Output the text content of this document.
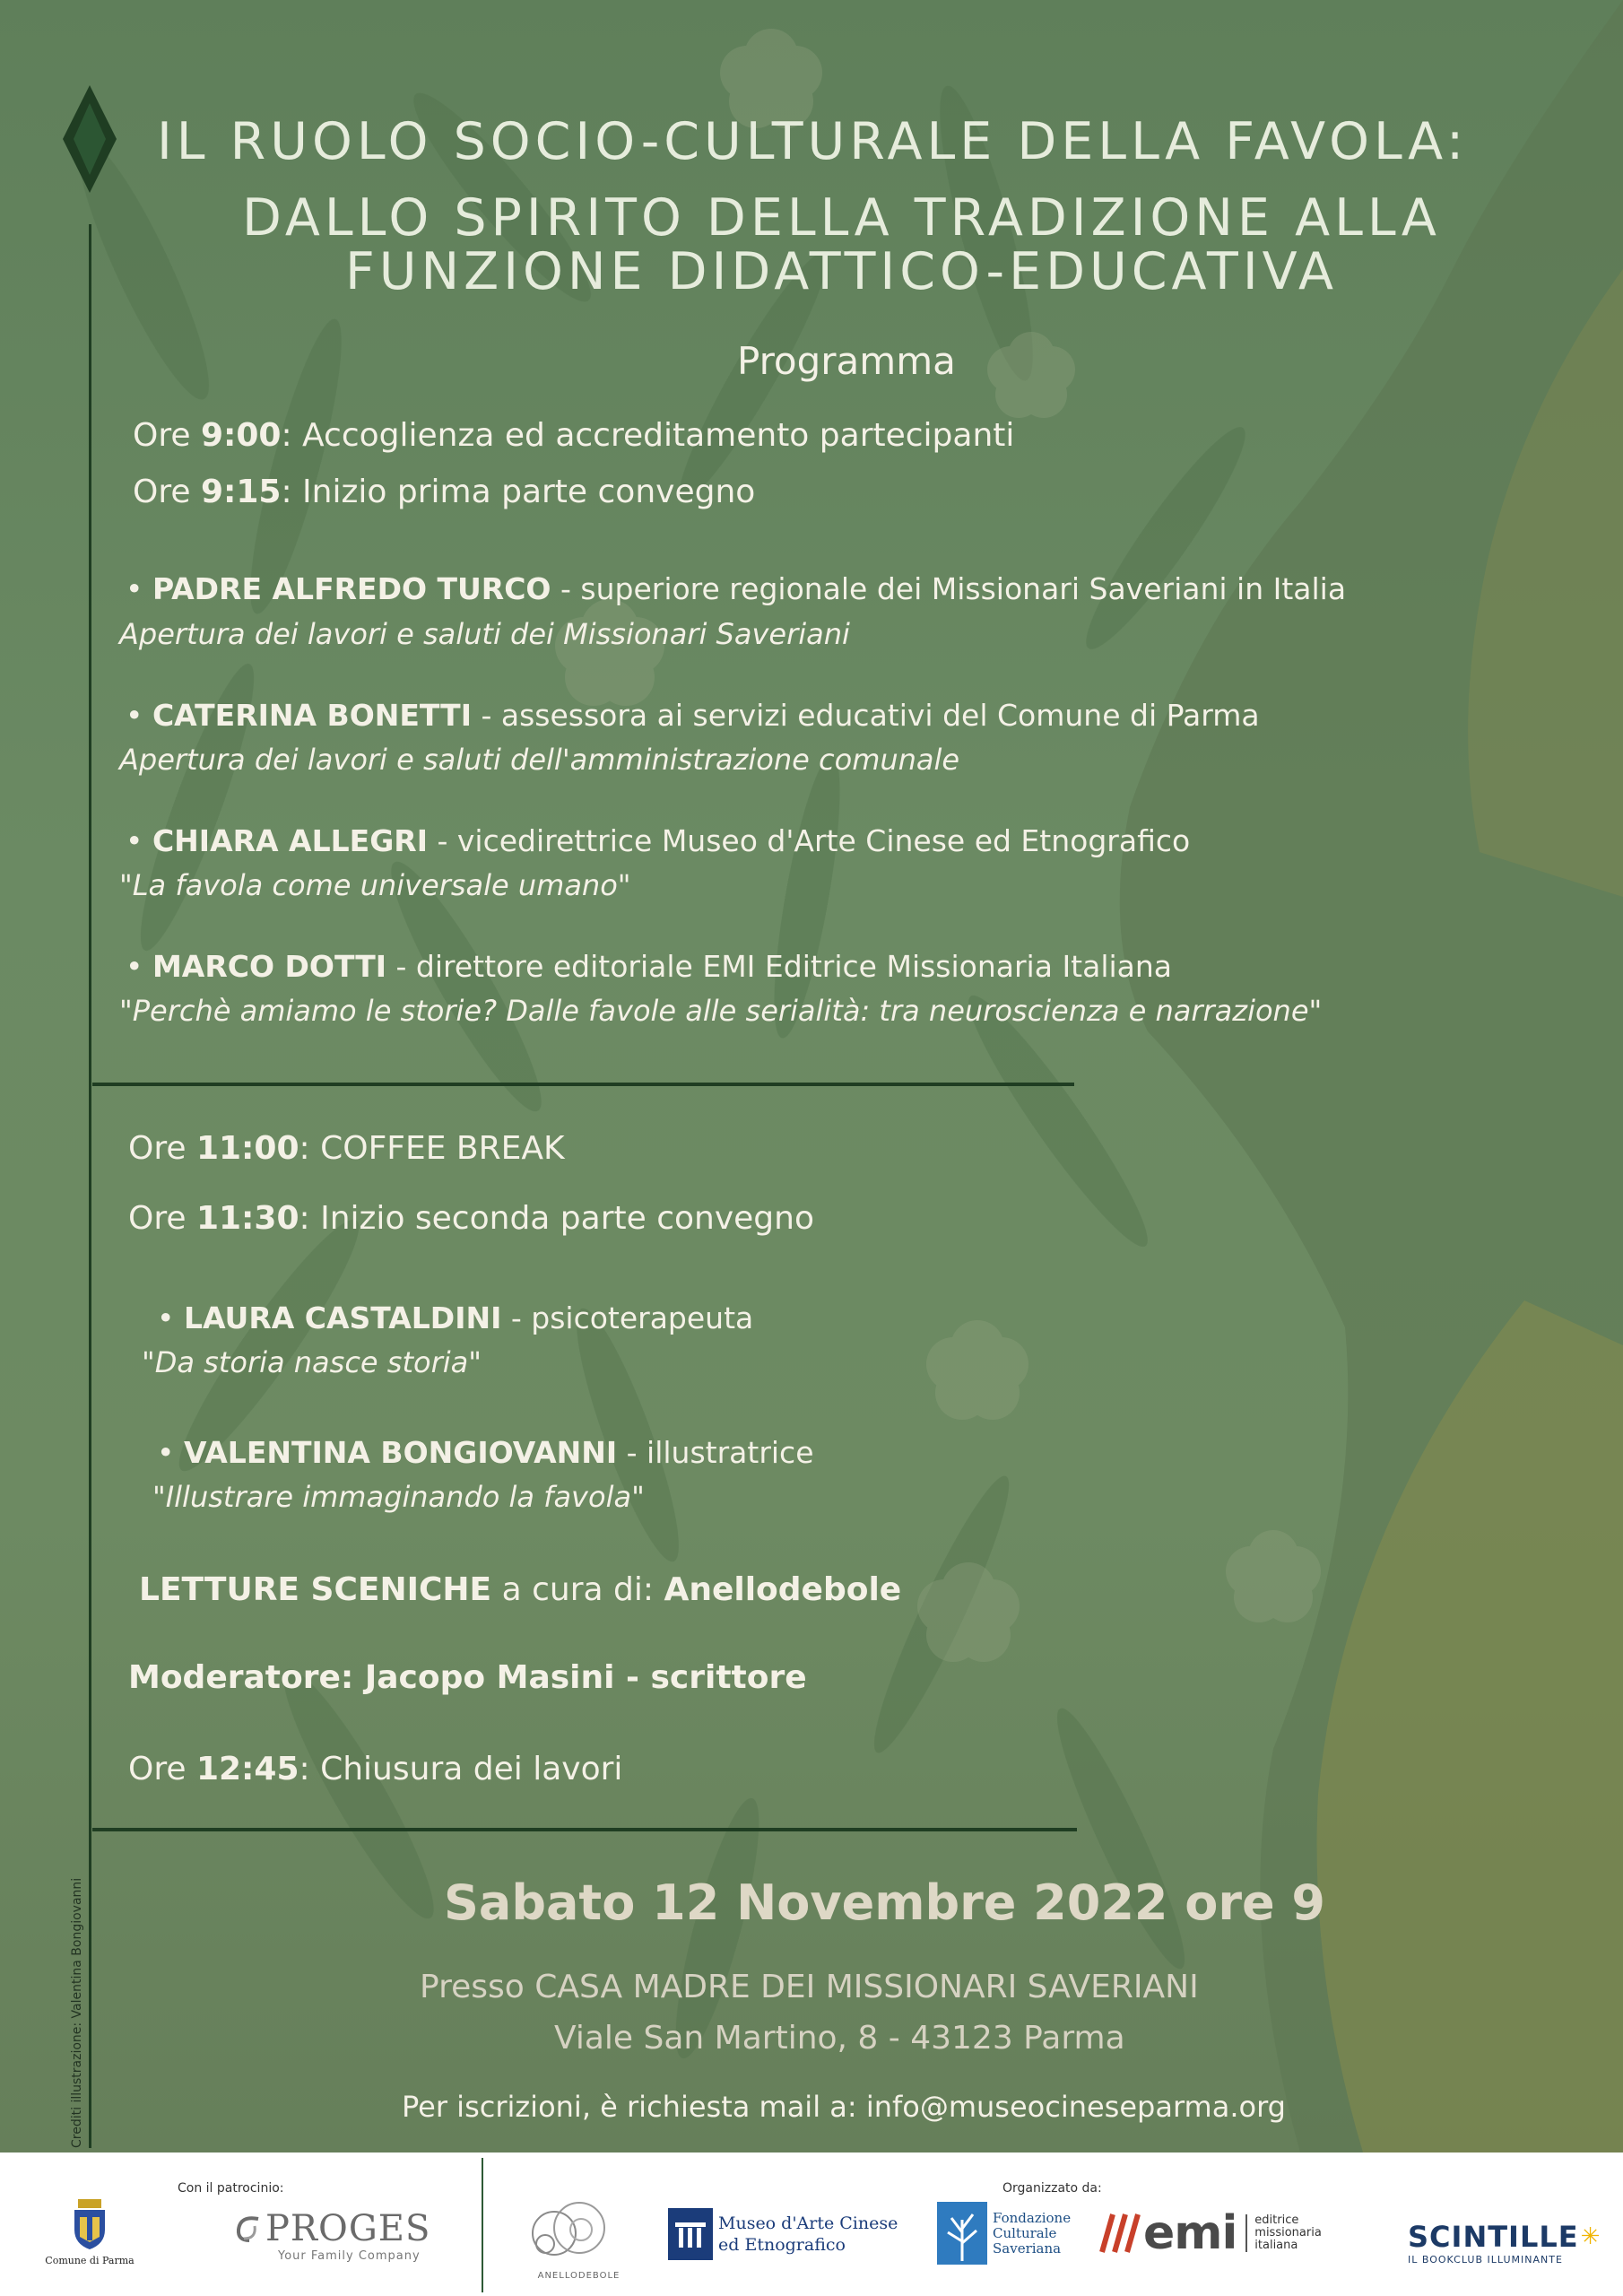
IL RUOLO SOCIO-CULTURALE DELLA FAVOLA:
DALLO SPIRITO DELLA TRADIZIONE ALLA
FUNZIONE DIDATTICO-EDUCATIVA
Programma
Ore 9:00: Accoglienza ed accreditamento partecipanti
Ore 9:15: Inizio prima parte convegno
• PADRE ALFREDO TURCO - superiore regionale dei Missionari Saveriani in Italia
Apertura dei lavori e saluti dei Missionari Saveriani
• CATERINA BONETTI - assessora ai servizi educativi del Comune di Parma
Apertura dei lavori e saluti dell'amministrazione comunale
• CHIARA ALLEGRI - vicedirettrice Museo d'Arte Cinese ed Etnografico
"La favola come universale umano"
• MARCO DOTTI - direttore editoriale EMI Editrice Missionaria Italiana
"Perchè amiamo le storie? Dalle favole alle serialità: tra neuroscienza e narrazione"
Ore 11:00: COFFEE BREAK
Ore 11:30: Inizio seconda parte convegno
• LAURA CASTALDINI - psicoterapeuta
"Da storia nasce storia"
• VALENTINA BONGIOVANNI - illustratrice
"Illustrare immaginando la favola"
LETTURE SCENICHE a cura di: Anellodebole
Moderatore: Jacopo Masini - scrittore
Ore 12:45: Chiusura dei lavori
Sabato 12 Novembre 2022 ore 9
Presso CASA MADRE DEI MISSIONARI SAVERIANI
Viale San Martino, 8 - 43123 Parma
Per iscrizioni, è richiesta mail a: info@museocineseparma.org
Crediti illustrazione: Valentina Bongiovanni
Con il patrocinio:	Organizzato da:
Comune di Parma
PROGES
Your Family Company
ANELLODEBOLE
Museo d'Arte Cinese
ed Etnografico
Fondazione
Culturale
Saveriana emi editrice
missionaria
italiana	SCINTILLE ✳
IL BOOKCLUB ILLUMINANTE
